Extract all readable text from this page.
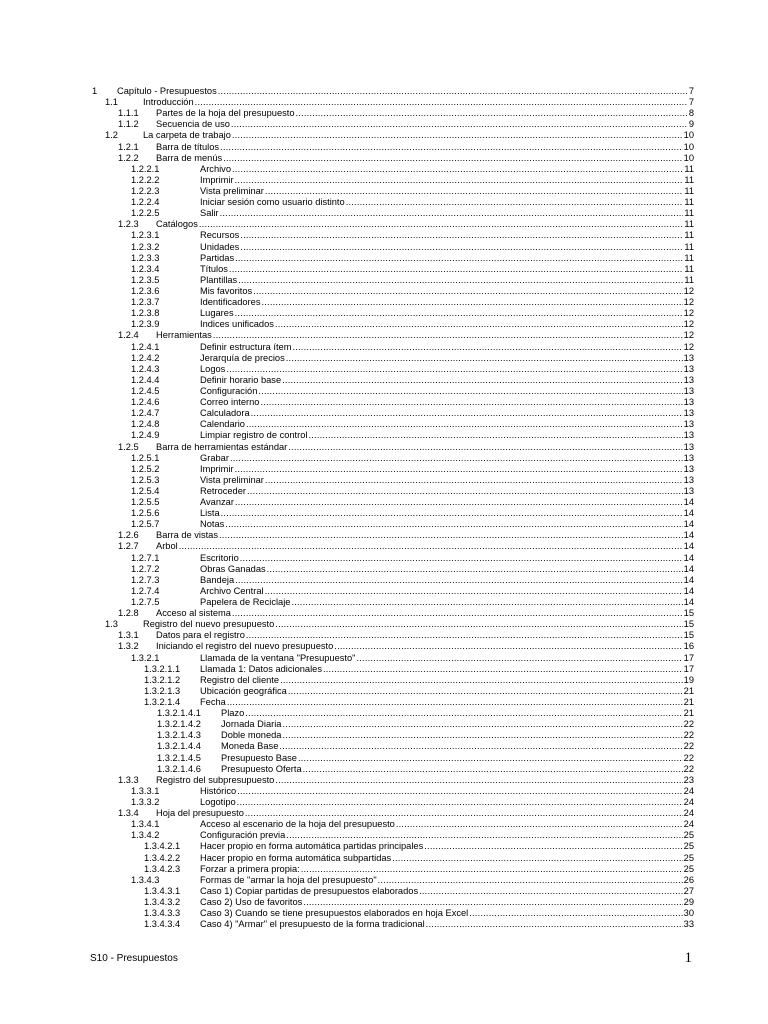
1 Capítulo - Presupuestos .....	7
1.1	Introducción .....	7
1.1.1 Partes de la hoja del presupuesto .....	8
1.1.2 Secuencia de uso .....	9
1.2	La carpeta de trabajo .....	10
1.2.1 Barra de títulos .....	10
1.2.2 Barra de menús .....	10
1.2.2.1	Archivo .....	11
1.2.2.2	Imprimir .....	11
1.2.2.3	Vista preliminar .....	11
1.2.2.4	Iniciar sesión como usuario distinto .....	11
1.2.2.5	Salir .....	11
1.2.3 Catálogos .....	11
1.2.3.1	Recursos .....	11
1.2.3.2	Unidades .....	11
1.2.3.3	Partidas .....	11
1.2.3.4	Títulos .....	11
1.2.3.5	Plantillas .....	11
1.2.3.6	Mis favoritos .....	12
1.2.3.7	Identificadores .....	12
1.2.3.8	Lugares .....	12
1.2.3.9	Indices unificados .....	12
1.2.4 Herramientas .....	12
1.2.4.1	Definir estructura ítem .....	12
1.2.4.2	Jerarquía de precios .....	13
1.2.4.3	Logos .....	13
1.2.4.4	Definir horario base .....	13
1.2.4.5	Configuración .....	13
1.2.4.6	Correo interno .....	13
1.2.4.7	Calculadora .....	13
1.2.4.8	Calendario .....	13
1.2.4.9	Limpiar registro de control .....	13
1.2.5 Barra de herramientas estándar .....	13
1.2.5.1	Grabar .....	13
1.2.5.2	Imprimir .....	13
1.2.5.3	Vista preliminar .....	13
1.2.5.4	Retroceder .....	13
1.2.5.5	Avanzar .....	14
1.2.5.6	Lista .....	14
1.2.5.7	Notas .....	14
1.2.6 Barra de vistas .....	14
1.2.7 Arbol .....	14
1.2.7.1	Escritorio .....	14
1.2.7.2	Obras Ganadas .....	14
1.2.7.3	Bandeja .....	14
1.2.7.4	Archivo Central .....	14
1.2.7.5	Papelera de Reciclaje .....	14
1.2.8 Acceso al sistema .....	15
1.3	Registro del nuevo presupuesto .....	15
1.3.1 Datos para el registro .....	15
1.3.2 Iniciando el registro del nuevo presupuesto .....	16
1.3.2.1	Llamada de la ventana "Presupuesto" .....	17
1.3.2.1.1 Llamada 1: Datos adicionales .....	17
1.3.2.1.2 Registro del cliente .....	19
1.3.2.1.3 Ubicación geográfica .....	21
1.3.2.1.4 Fecha .....	21
1.3.2.1.4.1 Plazo .....	21
1.3.2.1.4.2 Jornada Diaria .....	22
1.3.2.1.4.3 Doble moneda .....	22
1.3.2.1.4.4 Moneda Base .....	22
1.3.2.1.4.5 Presupuesto Base .....	22
1.3.2.1.4.6 Presupuesto Oferta .....	22
1.3.3 Registro del subpresupuesto .....	23
1.3.3.1	Histórico .....	24
1.3.3.2	Logotipo .....	24
1.3.4 Hoja del presupuesto .....	24
1.3.4.1	Acceso al escenario de la hoja del presupuesto .....	24
1.3.4.2	Configuración previa .....	25
1.3.4.2.1 Hacer propio en forma automática partidas principales .....	25
1.3.4.2.2 Hacer propio en forma automática subpartidas .....	25
1.3.4.2.3 Forzar a primera propia: .....	25
1.3.4.3	Formas de "armar la hoja del presupuesto" .....	26
1.3.4.3.1 Caso 1) Copiar partidas de presupuestos elaborados .....	27
1.3.4.3.2 Caso 2) Uso de favoritos .....	29
1.3.4.3.3 Caso 3) Cuando se tiene presupuestos elaborados en hoja Excel .....	30
1.3.4.3.4 Caso 4) "Armar" el presupuesto de la forma tradicional .....	33
S10 - Presupuestos	1
